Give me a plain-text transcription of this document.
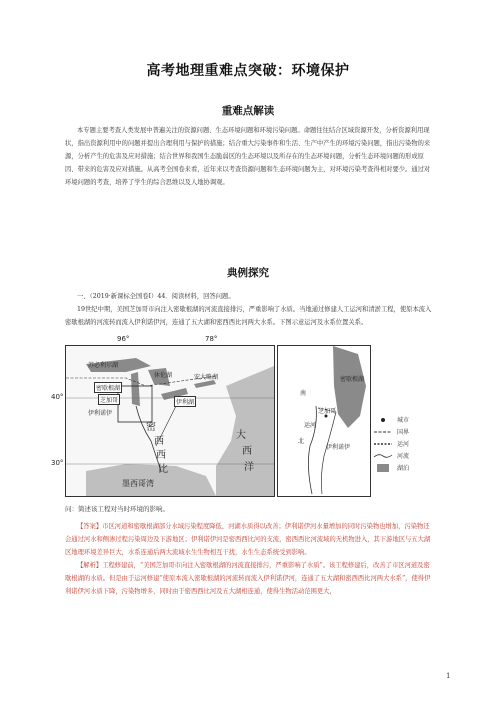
高考地理重难点突破：环境保护
重难点解读

本专题主要考查人类发展中普遍关注的资源问题、生态环境问题和环境污染问题。命题往往结合区域资源开发，分析资源利用现状，指出资源利用中的问题并提出合理利用与保护的措施；结合重大污染事件和生活、生产中产生的环境污染问题，指出污染物的来源，分析产生的危害及应对措施；结合世界和我国生态脆弱区的生态环境以及所存在的生态环境问题，分析生态环境问题的形成原因、带来的危害及应对措施。从高考全国卷来看，近年来以考查资源问题和生态环境问题为主，对环境污染考查得相对要少。通过对环境问题的考查，培养了学生的综合思维以及人地协调观。

典例探究

一、（2019·新课标全国卷Ⅰ）44．阅读材料，回答问题。

19世纪中期，美国芝加哥市向注入密歇根湖的河流直接排污，严重影响了水质。当地通过修建人工运河和清淤工程，使原本流入密歇根湖的河流转而流入伊利诺伊河，连通了五大湖和密西西比河两大水系。下图示意运河及水系位置关系。

苏必利尔湖
休伦湖
密歇根湖
安大略湖
芝加哥	伊利湖
伊利诺伊
密
西
西
比
大
西
洋
墨西哥湾
96°	78°
40°
30°
密歇根湖
南
芝加哥
运河
北
伊利诺伊
城市
国界
运河
河流
湖泊
问：简述该工程对当时环境的影响。

【答案】市区河道和密歇根湖部分水域污染程度降低，河湖水质得以改善；伊利诺伊河水量增加的同时污染物也增加，污染物还会通过河水和侧渗过程污染周边及下游地区；伊利诺伊河是密西西比河的支流，密西西比河流域的无机物进入，其下游地区与五大湖区地理环境差异巨大，水系连通后两大流域水生生物相互干扰，水生生态系统受到影响。

【解析】工程修建前，“美国芝加哥市向注入密歇根湖的河流直接排污，严重影响了水质”。该工程修建后，改善了市区河道及密歇根湖的水质。但是由于运河修建“使原本流入密歇根湖的河流转而流入伊利诺伊河，连通了五大湖和密西西比河两大水系”，使得伊利诺伊河水质下降，污染物增多，同时由于密西西比河及五大湖相连通，使得生物活动范围更大，

1
